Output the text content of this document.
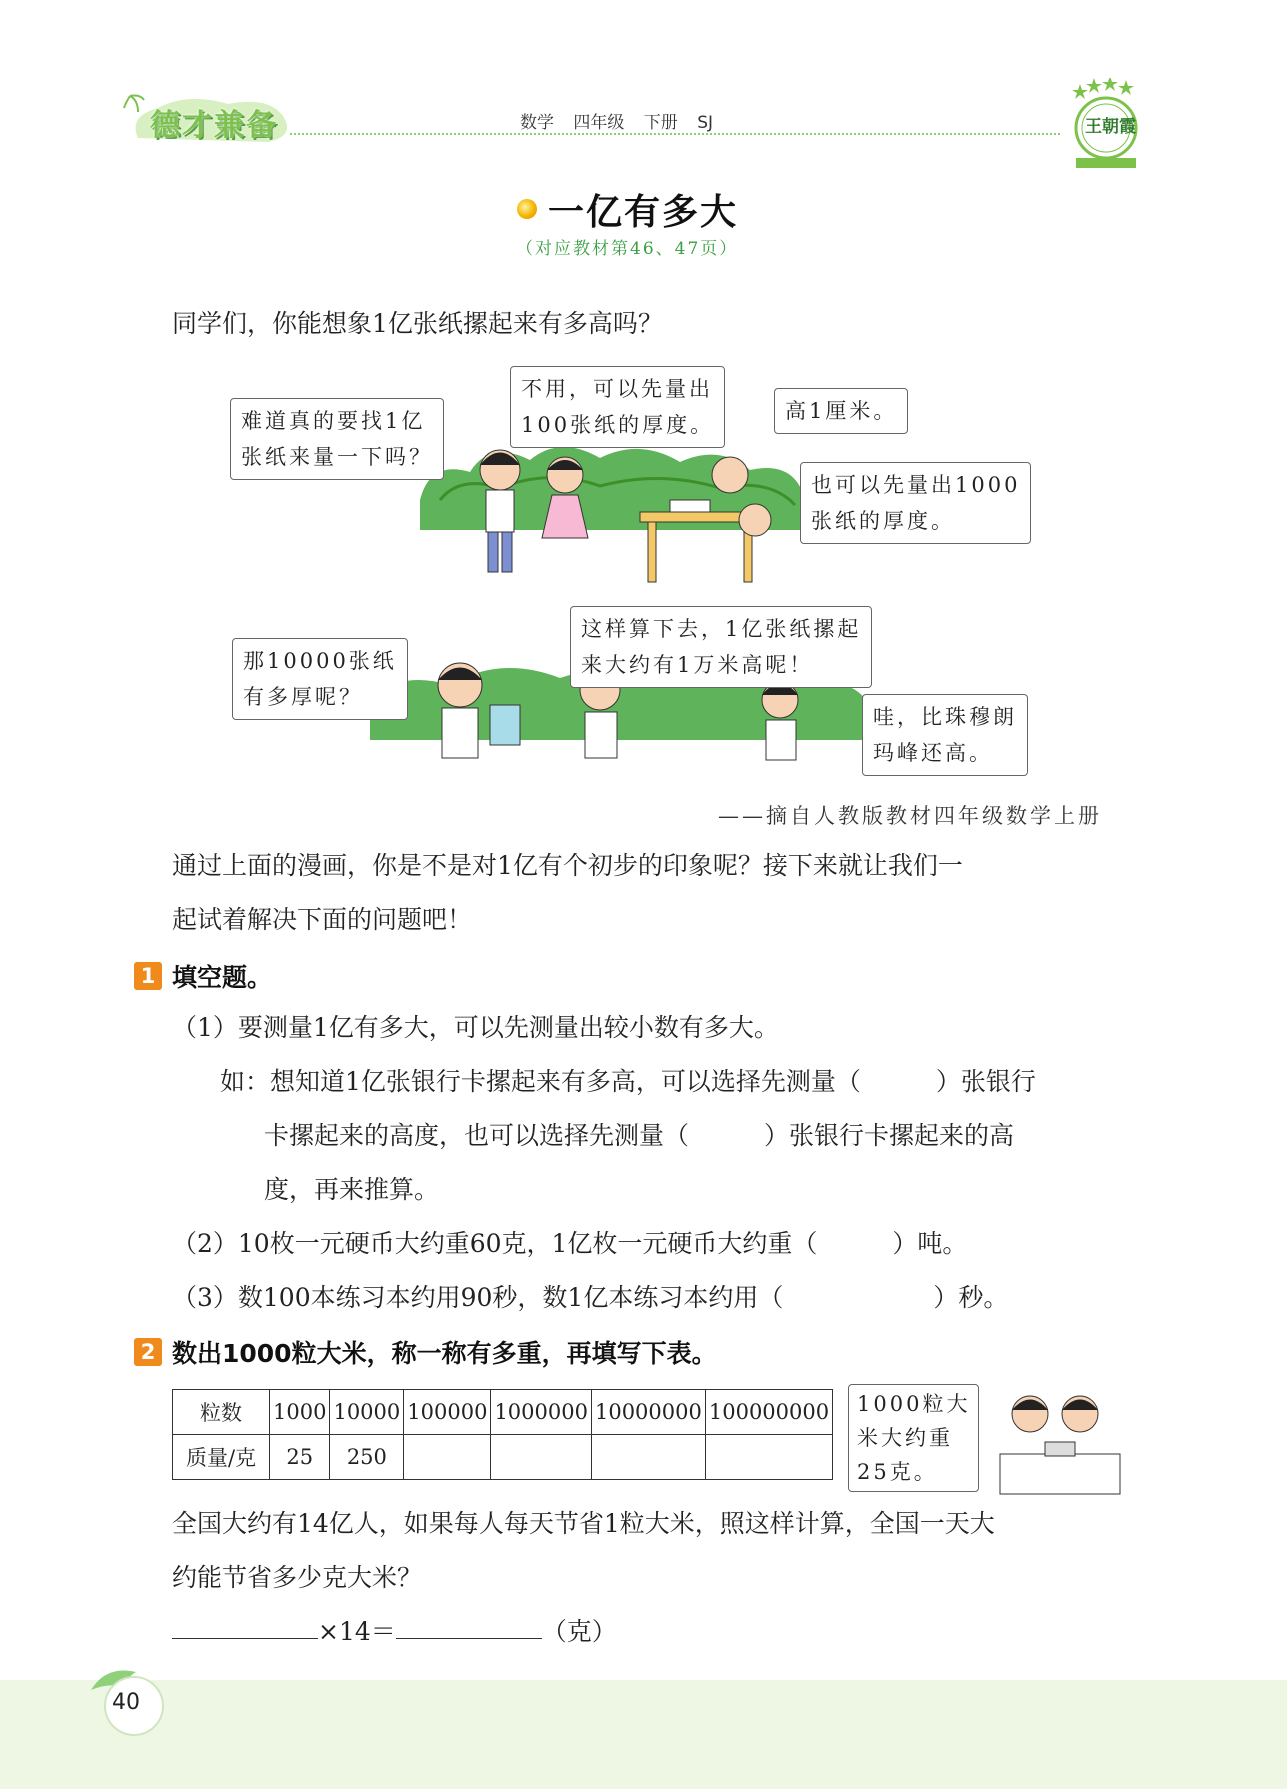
德才兼备	数学 四年级 下册 SJ	王朝霞
一亿有多大
（对应教材第46、47页）
同学们，你能想象1亿张纸摞起来有多高吗？
难道真的要找1亿
张纸来量一下吗？
不用，可以先量出
100张纸的厚度。
高1厘米。
也可以先量出1000
张纸的厚度。
那10000张纸
有多厚呢？
这样算下去，1亿张纸摞起
来大约有1万米高呢！
哇，比珠穆朗
玛峰还高。
——摘自人教版教材四年级数学上册
通过上面的漫画，你是不是对1亿有个初步的印象呢？接下来就让我们一
起试着解决下面的问题吧！
1 填空题。
（1）要测量1亿有多大，可以先测量出较小数有多大。
如：想知道1亿张银行卡摞起来有多高，可以选择先测量（　　　）张银行
卡摞起来的高度，也可以选择先测量（　　　）张银行卡摞起来的高
度，再来推算。
（2）10枚一元硬币大约重60克，1亿枚一元硬币大约重（　　　）吨。
（3）数100本练习本约用90秒，数1亿本练习本约用（　　　　　　）秒。
2 数出1000粒大米，称一称有多重，再填写下表。
粒数	1000	10000	100000	1000000	10000000	100000000
质量/克	25	250				
1000粒大
米大约重
25克。
全国大约有14亿人，如果每人每天节省1粒大米，照这样计算，全国一天大
约能节省多少克大米？
×14＝	（克）
40
